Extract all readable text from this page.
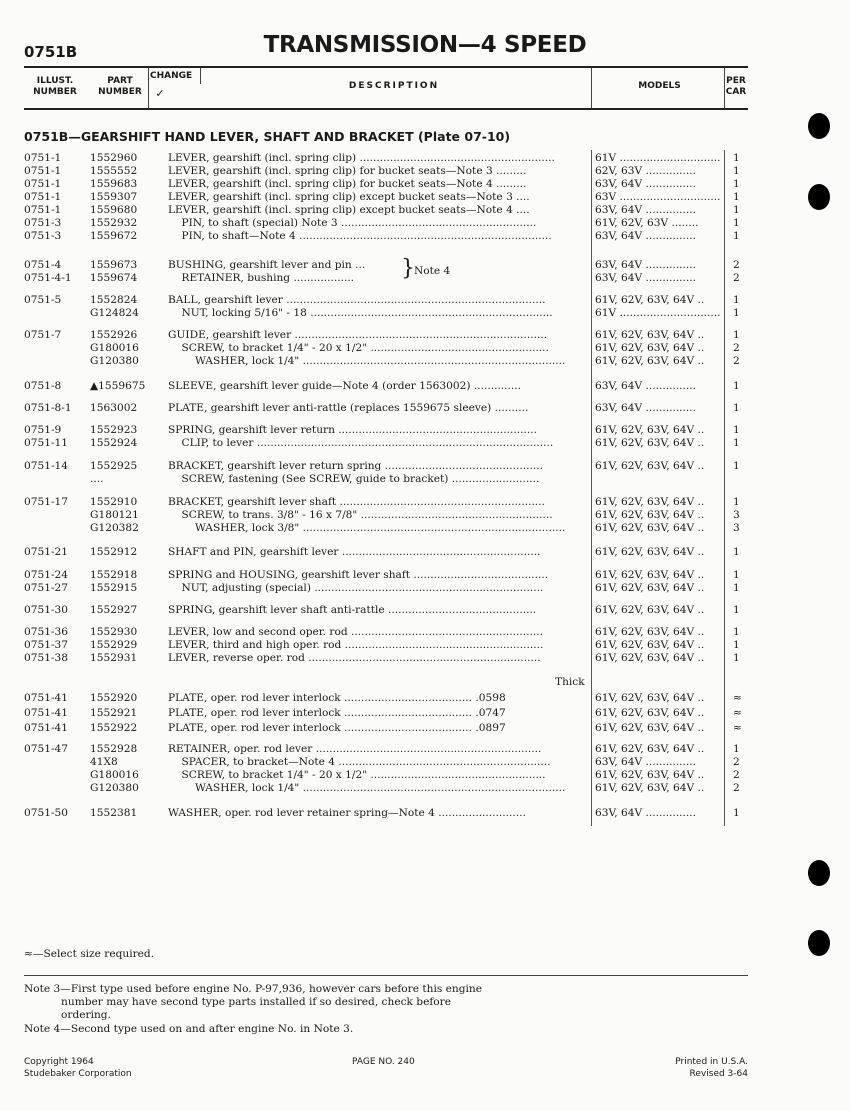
0751B	TRANSMISSION—4 SPEED
ILLUST.
NUMBER
PART
NUMBER
CHANGE
✓
DESCRIPTION	MODELS	PER
CAR
0751B—GEARSHIFT HAND LEVER, SHAFT AND BRACKET (Plate 07-10)
0751-1	1552960	LEVER, gearshift (incl. spring clip) ..........................................................	61V .............................. 1
0751-1	1555552	LEVER, gearshift (incl. spring clip) for bucket seats—Note 3 .........	62V, 63V ...............	1
0751-1	1559683	LEVER, gearshift (incl. spring clip) for bucket seats—Note 4 .........	63V, 64V ...............	1
0751-1	1559307	LEVER, gearshift (incl. spring clip) except bucket seats—Note 3 ....	63V .............................. 1
0751-1	1559680	LEVER, gearshift (incl. spring clip) except bucket seats—Note 4 ....	63V, 64V ...............	1
0751-3	1552932	PIN, to shaft (special) Note 3 ..........................................................	61V, 62V, 63V ........	1
0751-3	1559672	PIN, to shaft—Note 4 ...........................................................................	63V, 64V ...............	1
0751-4	1559673	BUSHING, gearshift lever and pin ...	63V, 64V ...............	2
0751-4-1 1559674	RETAINER, bushing ..................	63V, 64V ...............	2
0751-5	1552824	BALL, gearshift lever .............................................................................	61V, 62V, 63V, 64V ..	1
G124824	NUT, locking 5/16" - 18 ........................................................................	61V .............................. 1
0751-7	1552926	GUIDE, gearshift lever ...........................................................................	61V, 62V, 63V, 64V ..	1
G180016	SCREW, to bracket 1/4" - 20 x 1/2" .....................................................	61V, 62V, 63V, 64V ..	2
G120380	WASHER, lock 1/4" ..............................................................................	61V, 62V, 63V, 64V ..	2
0751-8	▲1559675 SLEEVE, gearshift lever guide—Note 4 (order 1563002) ..............	63V, 64V ...............	1
0751-8-1 1563002	PLATE, gearshift lever anti-rattle (replaces 1559675 sleeve) ..........	63V, 64V ...............	1
0751-9	1552923	SPRING, gearshift lever return ...........................................................	61V, 62V, 63V, 64V ..	1
0751-11 1552924	CLIP, to lever ........................................................................................	61V, 62V, 63V, 64V ..	1
0751-14 1552925	BRACKET, gearshift lever return spring ...............................................	61V, 62V, 63V, 64V ..	1
....	SCREW, fastening (See SCREW, guide to bracket) ..........................
0751-17 1552910	BRACKET, gearshift lever shaft .............................................................	61V, 62V, 63V, 64V ..	1
G180121	SCREW, to trans. 3/8" - 16 x 7/8" .........................................................	61V, 62V, 63V, 64V ..	3
G120382	WASHER, lock 3/8" ..............................................................................	61V, 62V, 63V, 64V ..	3
0751-21 1552912	SHAFT and PIN, gearshift lever ...........................................................	61V, 62V, 63V, 64V ..	1
0751-24 1552918	SPRING and HOUSING, gearshift lever shaft ........................................	61V, 62V, 63V, 64V ..	1
0751-27 1552915	NUT, adjusting (special) ....................................................................	61V, 62V, 63V, 64V ..	1
0751-30 1552927	SPRING, gearshift lever shaft anti-rattle ............................................	61V, 62V, 63V, 64V ..	1
0751-36 1552930	LEVER, low and second oper. rod .........................................................	61V, 62V, 63V, 64V ..	1
0751-37 1552929	LEVER, third and high oper. rod ...........................................................	61V, 62V, 63V, 64V ..	1
0751-38 1552931	LEVER, reverse oper. rod .....................................................................	61V, 62V, 63V, 64V ..	1
0751-41 1552920	PLATE, oper. rod lever interlock ...................................... .0598	61V, 62V, 63V, 64V ..	≈
0751-41 1552921	PLATE, oper. rod lever interlock ...................................... .0747	61V, 62V, 63V, 64V ..	≈
0751-41 1552922	PLATE, oper. rod lever interlock ...................................... .0897	61V, 62V, 63V, 64V ..	≈
0751-47 1552928	RETAINER, oper. rod lever ...................................................................	61V, 62V, 63V, 64V ..	1
41X8	SPACER, to bracket—Note 4 ...............................................................	63V, 64V ...............	2
G180016	SCREW, to bracket 1/4" - 20 x 1/2" ....................................................	61V, 62V, 63V, 64V ..	2
G120380	WASHER, lock 1/4" ..............................................................................	61V, 62V, 63V, 64V ..	2
0751-50 1552381	WASHER, oper. rod lever retainer spring—Note 4 ..........................	63V, 64V ...............	1
} Note 4
Thick
≈—Select size required.
Note 3—First type used before engine No. P-97,936, however cars before this engine
number may have second type parts installed if so desired, check before
ordering.
Note 4—Second type used on and after engine No. in Note 3.
Copyright 1964
Studebaker Corporation
PAGE NO. 240	Printed in U.S.A.
Revised 3-64
